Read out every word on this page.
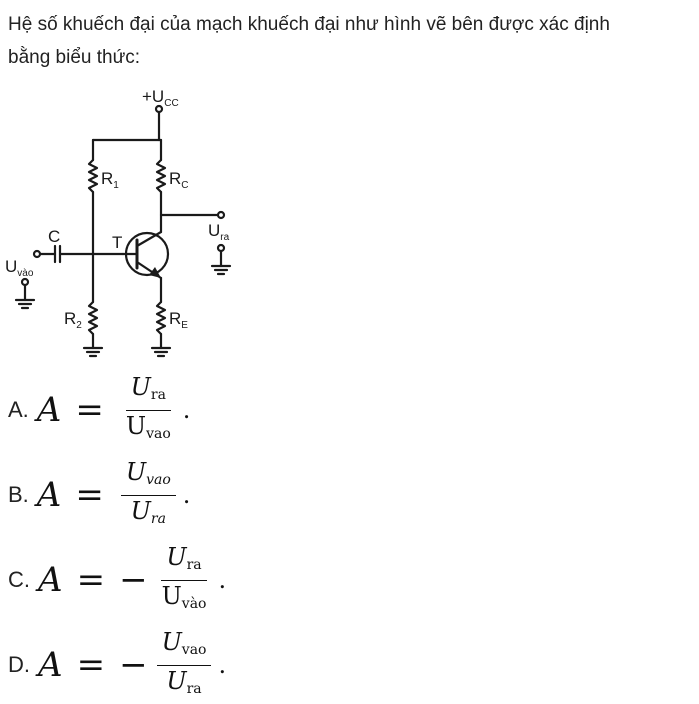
Hệ số khuếch đại của mạch khuếch đại như hình vẽ bên được xác định
bằng biểu thức:

$+U_{CC}$
$R_1$	$R_C$
C	T
$U_{vào}$
$U_{ra}$
$R_2$	$R_E$
A. $A = \frac{U_{ra}}{U_{vao}}$ .
B. $A = \frac{U_{vao}}{U_{ra}}$ .
C. A = − $\frac{U_{ra}}{U_{vào}}$ .
D. A = − $\frac{U_{vao}}{U_{ra}}$ .
